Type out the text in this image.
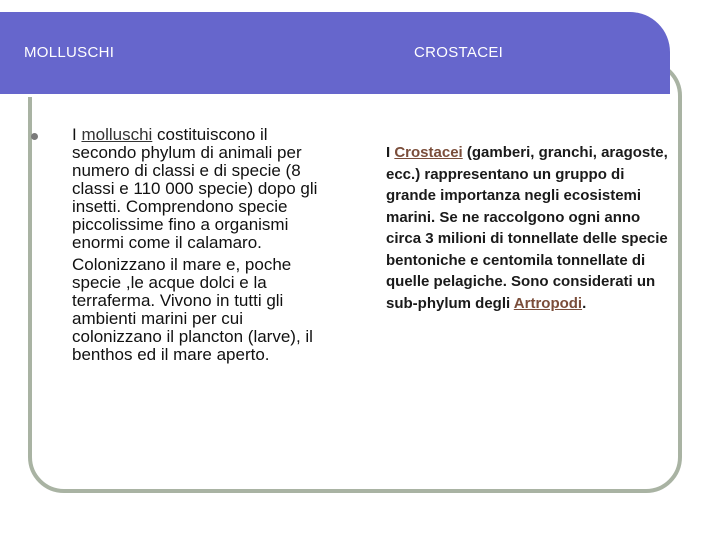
MOLLUSCHI	CROSTACEI
I molluschi costituiscono il secondo phylum di animali per numero di classi e di specie (8 classi e 110 000 specie) dopo gli insetti. Comprendono specie piccolissime fino a organismi enormi come il calamaro.
Colonizzano il mare e, poche specie ,le acque dolci e la terraferma. Vivono in tutti gli ambienti marini per cui colonizzano il plancton (larve), il benthos ed il mare aperto.
I Crostacei (gamberi, granchi, aragoste, ecc.) rappresentano un gruppo di grande importanza negli ecosistemi marini. Se ne raccolgono ogni anno circa 3 milioni di tonnellate delle specie bentoniche e centomila tonnellate di quelle pelagiche. Sono considerati un sub-phylum degli Artropodi.
